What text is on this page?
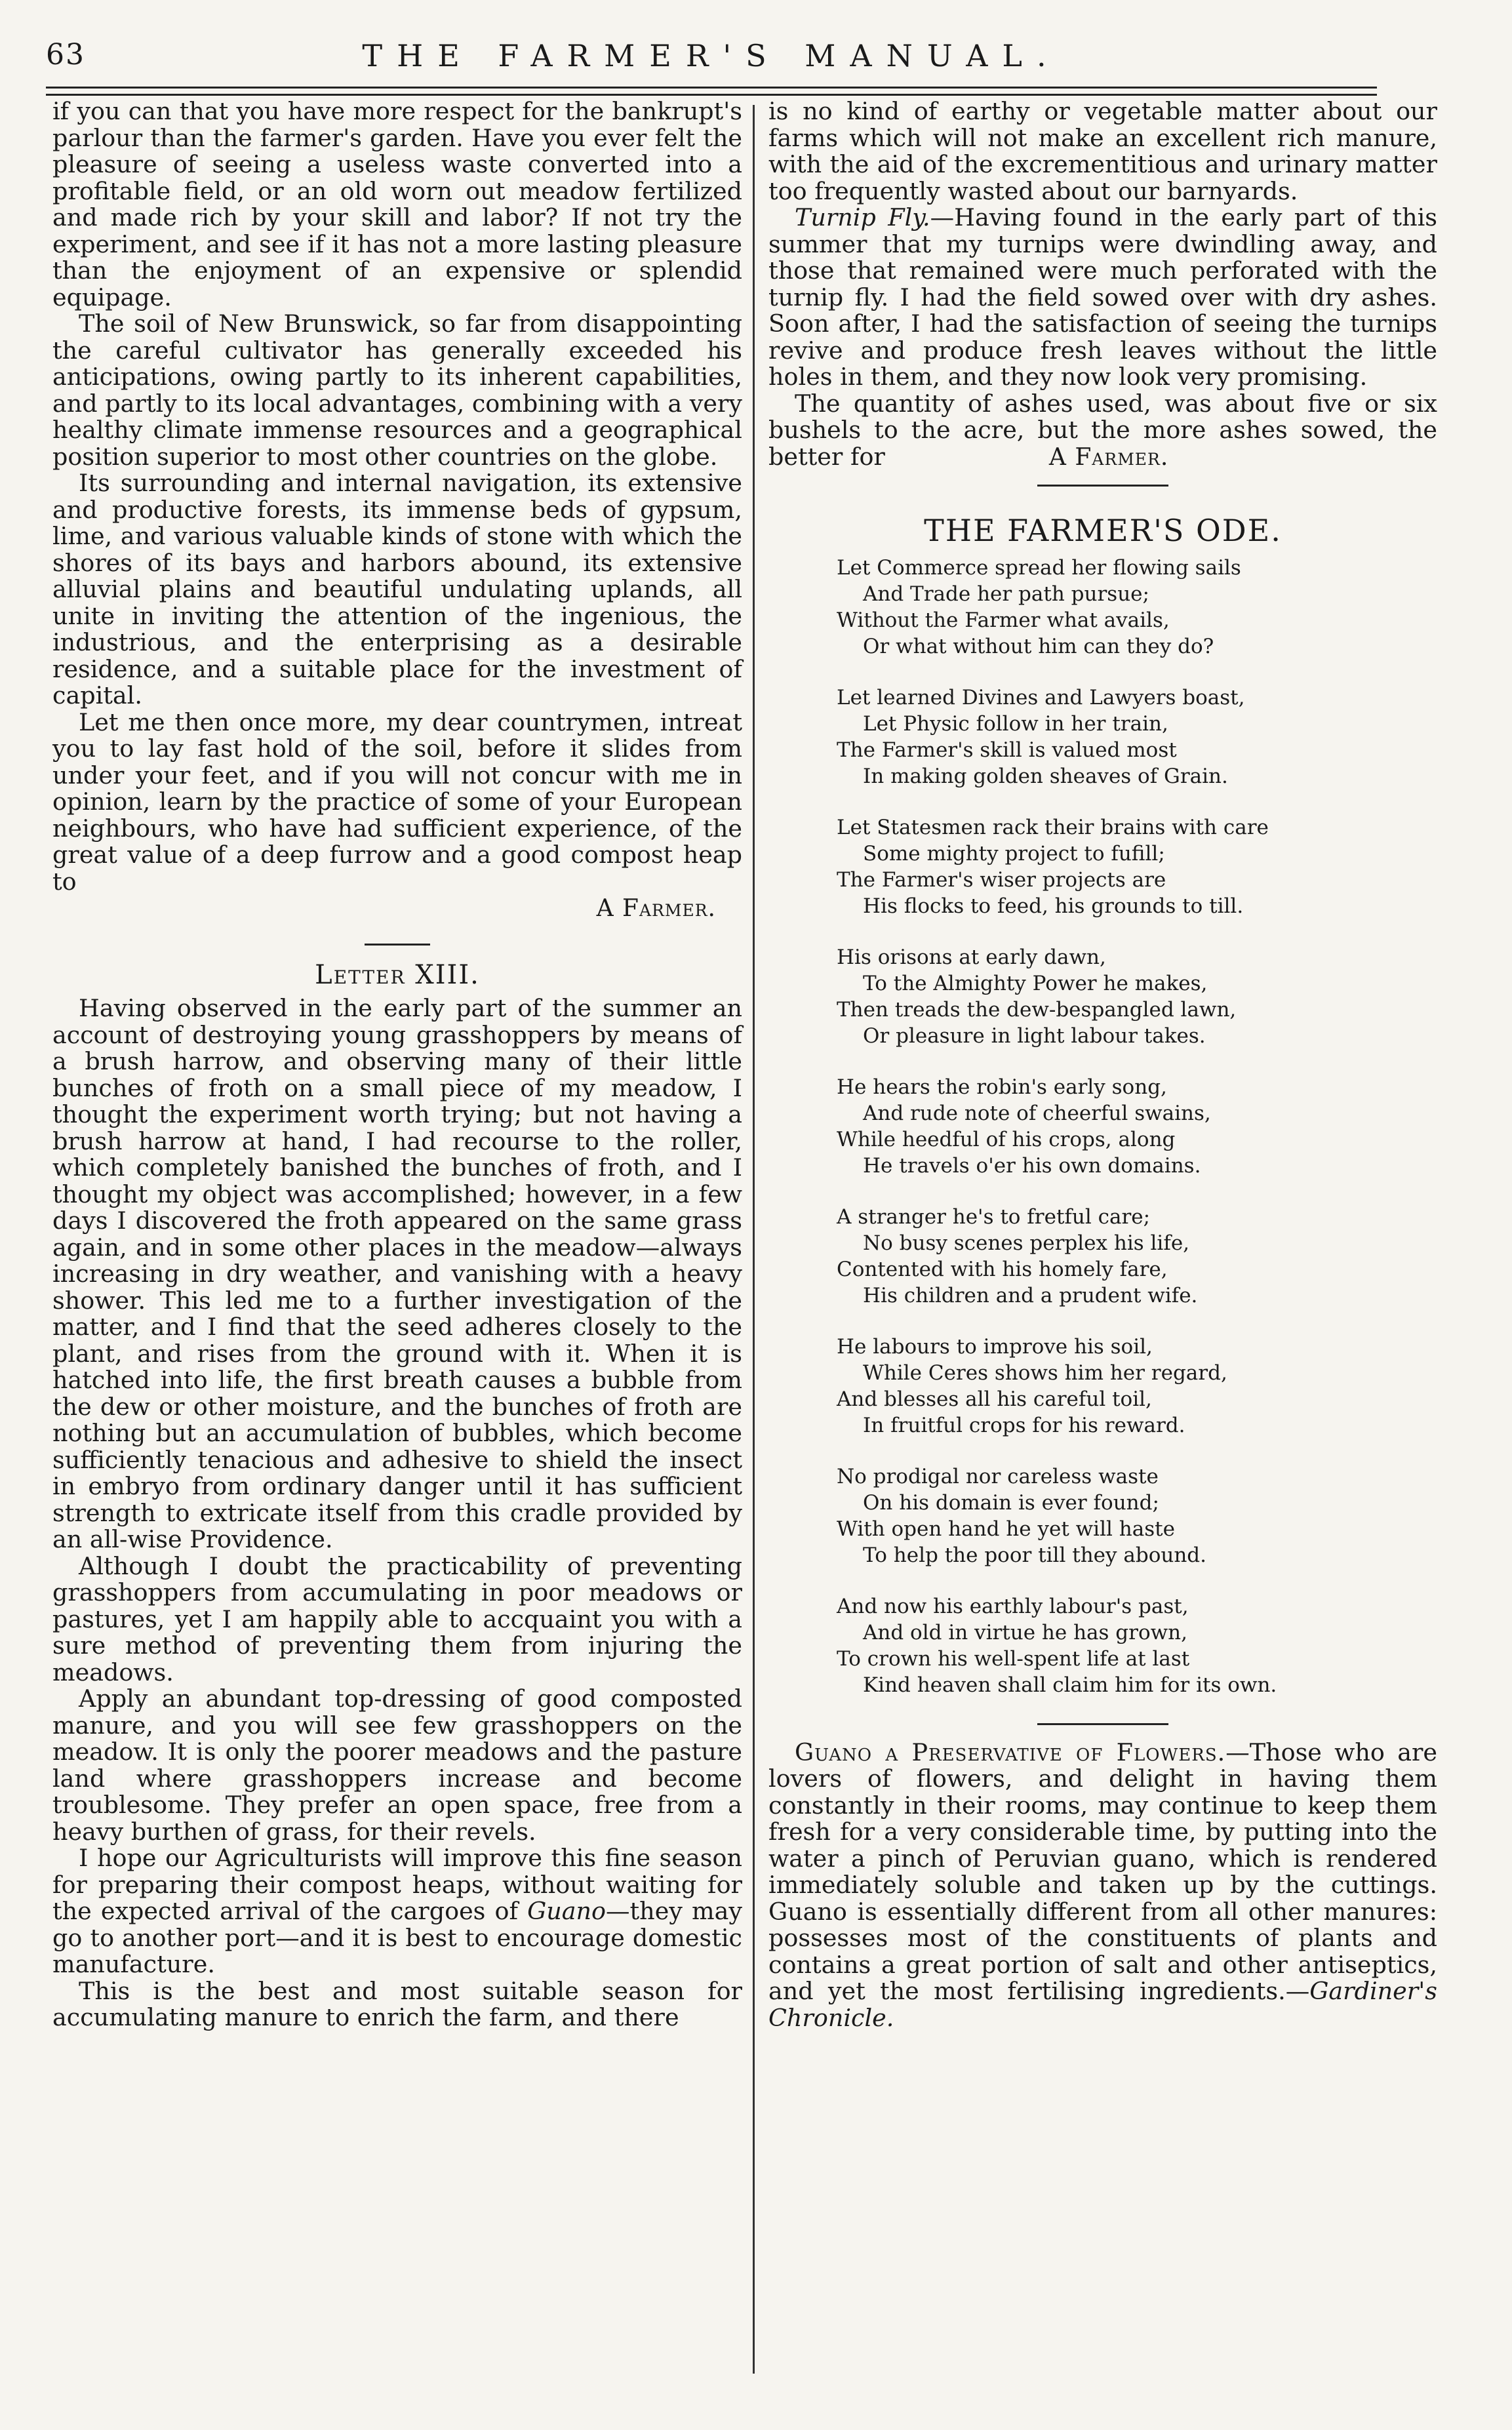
63	THE FARMER'S MANUAL.

if you can that you have more respect for the bankrupt's parlour than the farmer's garden. Have you ever felt the pleasure of seeing a useless waste converted into a profitable field, or an old worn out meadow fertilized and made rich by your skill and labor? If not try the experiment, and see if it has not a more lasting pleasure than the enjoyment of an expensive or splendid equipage.

The soil of New Brunswick, so far from disappointing the careful cultivator has generally exceeded his anticipations, owing partly to its inherent capabilities, and partly to its local advantages, combining with a very healthy climate immense resources and a geographical position superior to most other countries on the globe.

Its surrounding and internal navigation, its extensive and productive forests, its immense beds of gypsum, lime, and various valuable kinds of stone with which the shores of its bays and harbors abound, its extensive alluvial plains and beautiful undulating uplands, all unite in inviting the attention of the ingenious, the industrious, and the enterprising as a desirable residence, and a suitable place for the investment of capital.

Let me then once more, my dear countrymen, intreat you to lay fast hold of the soil, before it slides from under your feet, and if you will not concur with me in opinion, learn by the practice of some of your European neighbours, who have had sufficient experience, of the great value of a deep furrow and a good compost heap to

A Farmer.

Letter XIII.

Having observed in the early part of the summer an account of destroying young grasshoppers by means of a brush harrow, and observing many of their little bunches of froth on a small piece of my meadow, I thought the experiment worth trying; but not having a brush harrow at hand, I had recourse to the roller, which completely banished the bunches of froth, and I thought my object was accomplished; however, in a few days I discovered the froth appeared on the same grass again, and in some other places in the meadow—always increasing in dry weather, and vanishing with a heavy shower. This led me to a further investigation of the matter, and I find that the seed adheres closely to the plant, and rises from the ground with it. When it is hatched into life, the first breath causes a bubble from the dew or other moisture, and the bunches of froth are nothing but an accumulation of bubbles, which become sufficiently tenacious and adhesive to shield the insect in embryo from ordinary danger until it has sufficient strength to extricate itself from this cradle provided by an all-wise Providence.

Although I doubt the practicability of preventing grasshoppers from accumulating in poor meadows or pastures, yet I am happily able to accquaint you with a sure method of preventing them from injuring the meadows.

Apply an abundant top-dressing of good composted manure, and you will see few grasshoppers on the meadow. It is only the poorer meadows and the pasture land where grasshoppers increase and become troublesome. They prefer an open space, free from a heavy burthen of grass, for their revels.

I hope our Agriculturists will improve this fine season for preparing their compost heaps, without waiting for the expected arrival of the cargoes of Guano—they may go to another port—and it is best to encourage domestic manufacture.

This is the best and most suitable season for accumulating manure to enrich the farm, and there

is no kind of earthy or vegetable matter about our farms which will not make an excellent rich manure, with the aid of the excrementitious and urinary matter too frequently wasted about our barnyards.

Turnip Fly.—Having found in the early part of this summer that my turnips were dwindling away, and those that remained were much perforated with the turnip fly. I had the field sowed over with dry ashes. Soon after, I had the satisfaction of seeing the turnips revive and produce fresh leaves without the little holes in them, and they now look very promising.

The quantity of ashes used, was about five or six bushels to the acre, but the more ashes sowed, the better for	A Farmer.

THE FARMER'S ODE.
Let Commerce spread her flowing sails
And Trade her path pursue;
Without the Farmer what avails,
Or what without him can they do?
Let learned Divines and Lawyers boast,
Let Physic follow in her train,
The Farmer's skill is valued most
In making golden sheaves of Grain.
Let Statesmen rack their brains with care
Some mighty project to fufill;
The Farmer's wiser projects are
His flocks to feed, his grounds to till.
His orisons at early dawn,
To the Almighty Power he makes,
Then treads the dew-bespangled lawn,
Or pleasure in light labour takes.
He hears the robin's early song,
And rude note of cheerful swains,
While heedful of his crops, along
He travels o'er his own domains.
A stranger he's to fretful care;
No busy scenes perplex his life,
Contented with his homely fare,
His children and a prudent wife.
He labours to improve his soil,
While Ceres shows him her regard,
And blesses all his careful toil,
In fruitful crops for his reward.
No prodigal nor careless waste
On his domain is ever found;
With open hand he yet will haste
To help the poor till they abound.
And now his earthly labour's past,
And old in virtue he has grown,
To crown his well-spent life at last
Kind heaven shall claim him for its own.

Guano a Preservative of Flowers.—Those who are lovers of flowers, and delight in having them constantly in their rooms, may continue to keep them fresh for a very considerable time, by putting into the water a pinch of Peruvian guano, which is rendered immediately soluble and taken up by the cuttings. Guano is essentially different from all other manures: possesses most of the constituents of plants and contains a great portion of salt and other antiseptics, and yet the most fertilising ingredients.—Gardiner's Chronicle.
